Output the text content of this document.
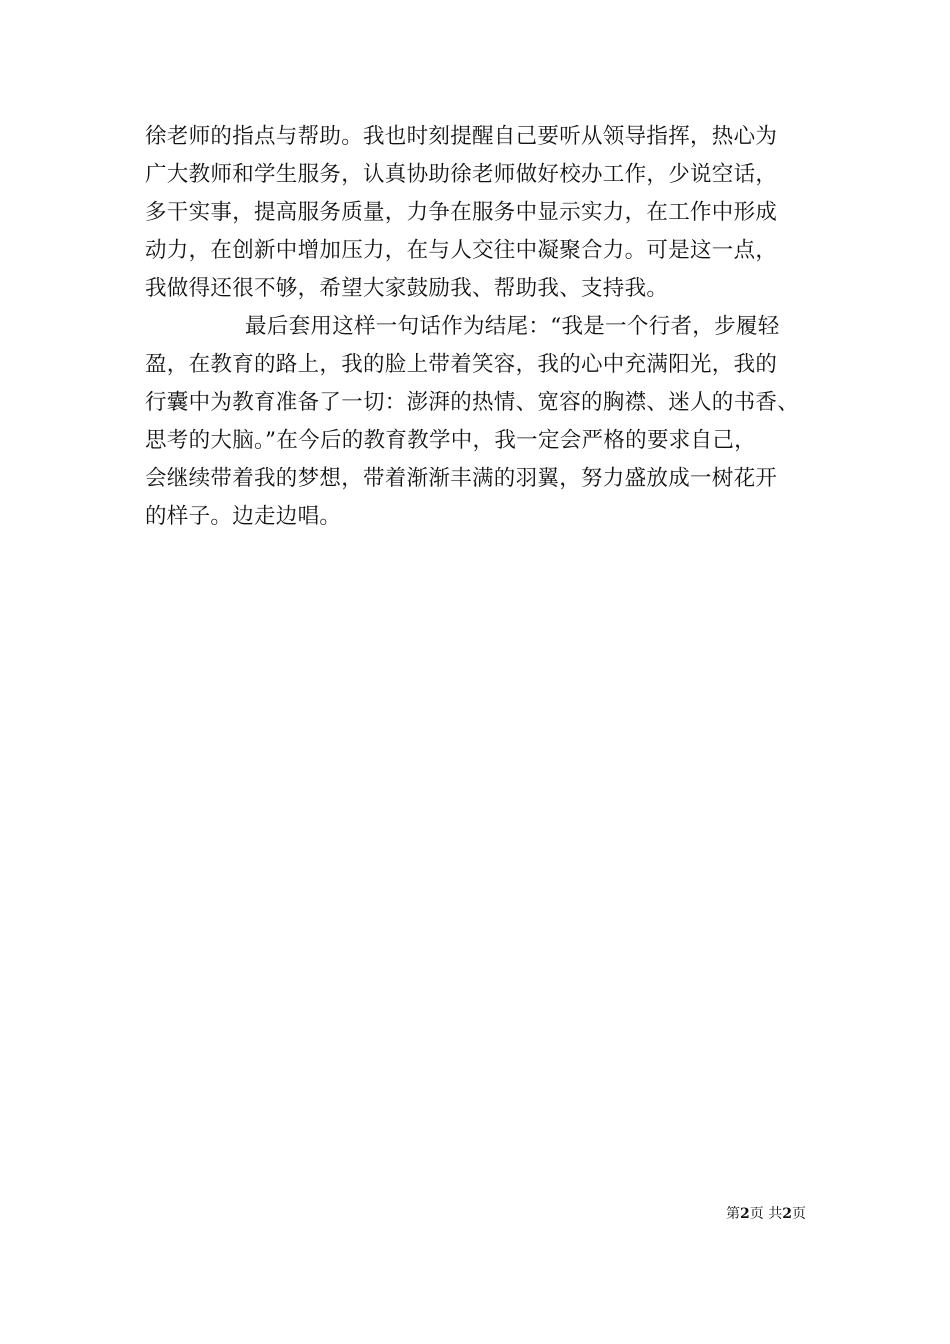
徐老师的指点与帮助。我也时刻提醒自己要听从领导指挥，热心为
广大教师和学生服务，认真协助徐老师做好校办工作，少说空话，
多干实事，提高服务质量，力争在服务中显示实力，在工作中形成
动力，在创新中增加压力，在与人交往中凝聚合力。可是这一点，
我做得还很不够，希望大家鼓励我、帮助我、支持我。
最后套用这样一句话作为结尾：“我是一个行者，步履轻
盈，在教育的路上，我的脸上带着笑容，我的心中充满阳光，我的
行囊中为教育准备了一切：澎湃的热情、宽容的胸襟、迷人的书香、
思考的大脑。”在今后的教育教学中，我一定会严格的要求自己，
会继续带着我的梦想，带着渐渐丰满的羽翼，努力盛放成一树花开
的样子。边走边唱。
第2页 共2页
